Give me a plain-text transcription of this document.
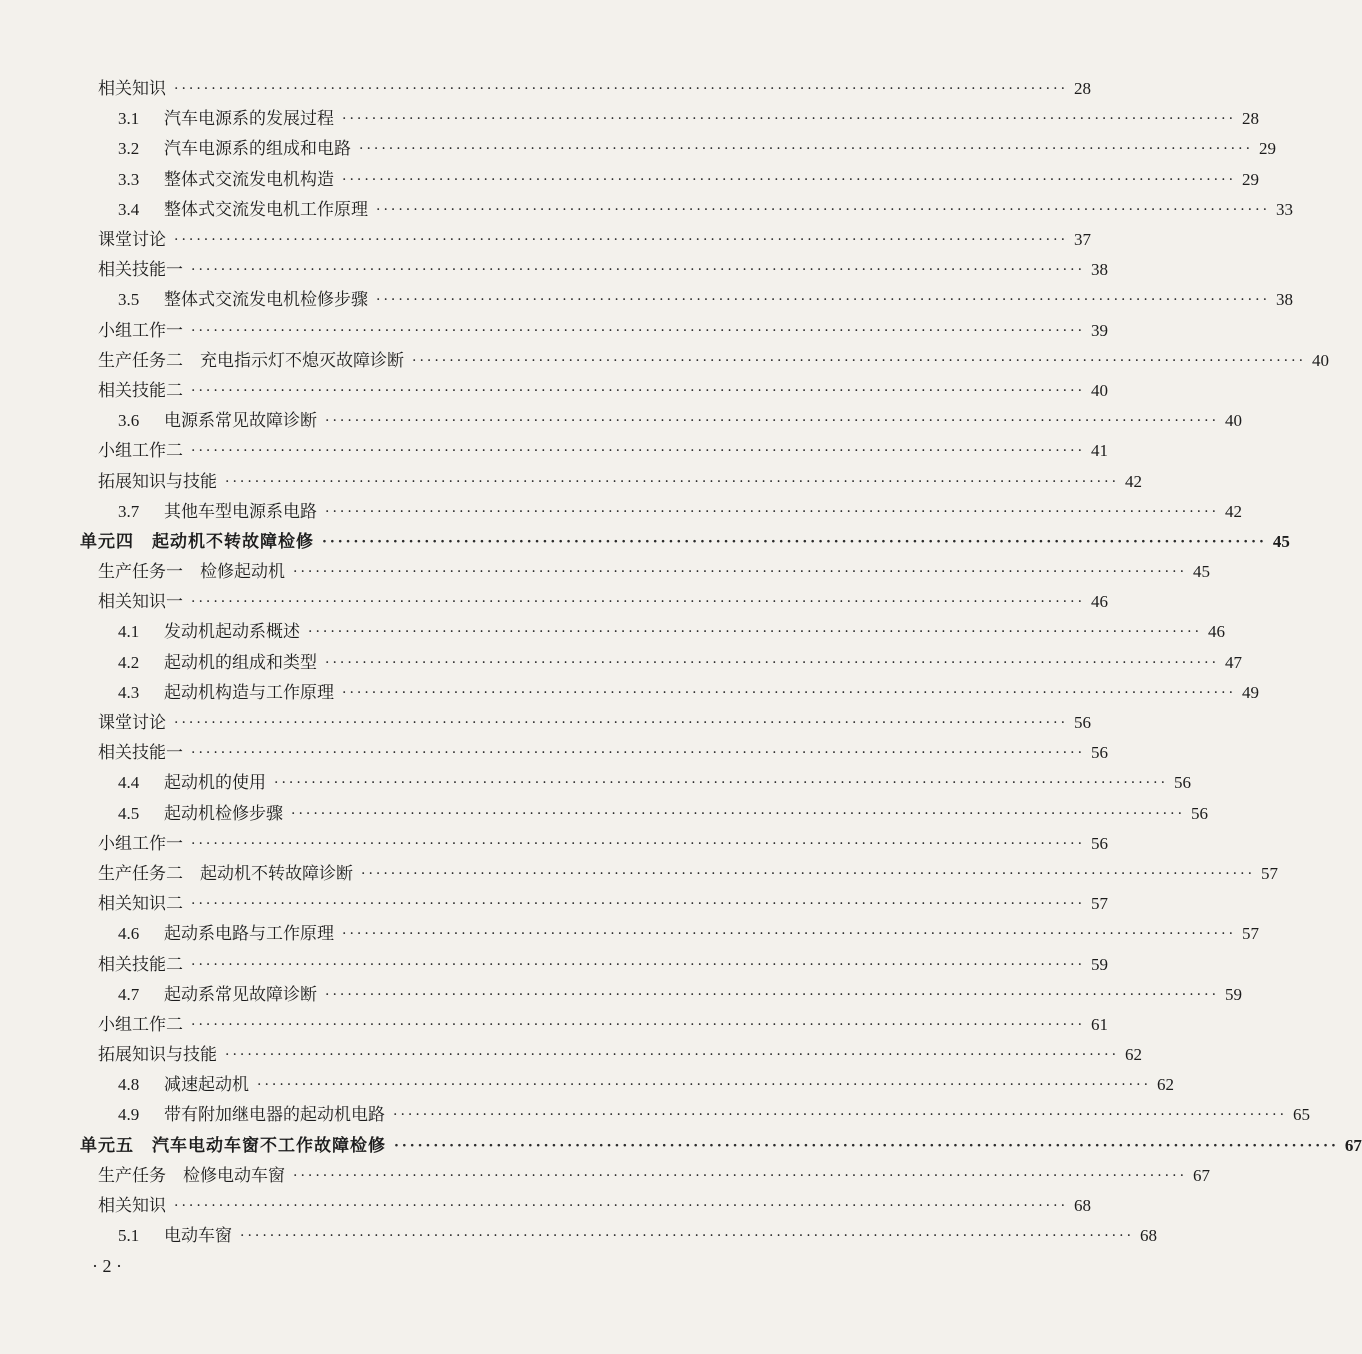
相关知识 ························································································································ 28
3.1	汽车电源系的发展过程 ························································································································ 28
3.2	汽车电源系的组成和电路 ························································································································ 29
3.3	整体式交流发电机构造 ························································································································ 29
3.4	整体式交流发电机工作原理 ························································································································ 33
课堂讨论 ························································································································ 37
相关技能一 ························································································································ 38
3.5	整体式交流发电机检修步骤 ························································································································ 38
小组工作一 ························································································································ 39
生产任务二　充电指示灯不熄灭故障诊断 ························································································································ 40
相关技能二 ························································································································ 40
3.6	电源系常见故障诊断 ························································································································ 40
小组工作二 ························································································································ 41
拓展知识与技能 ························································································································ 42
3.7	其他车型电源系电路 ························································································································ 42
单元四　起动机不转故障检修 ························································································································ 45
生产任务一　检修起动机 ························································································································ 45
相关知识一 ························································································································ 46
4.1	发动机起动系概述 ························································································································ 46
4.2	起动机的组成和类型 ························································································································ 47
4.3	起动机构造与工作原理 ························································································································ 49
课堂讨论 ························································································································ 56
相关技能一 ························································································································ 56
4.4	起动机的使用 ························································································································ 56
4.5	起动机检修步骤 ························································································································ 56
小组工作一 ························································································································ 56
生产任务二　起动机不转故障诊断 ························································································································ 57
相关知识二 ························································································································ 57
4.6	起动系电路与工作原理 ························································································································ 57
相关技能二 ························································································································ 59
4.7	起动系常见故障诊断 ························································································································ 59
小组工作二 ························································································································ 61
拓展知识与技能 ························································································································ 62
4.8	减速起动机 ························································································································ 62
4.9	带有附加继电器的起动机电路 ························································································································ 65
单元五　汽车电动车窗不工作故障检修 ························································································································ 67
生产任务　检修电动车窗 ························································································································ 67
相关知识 ························································································································ 68
5.1	电动车窗 ························································································································ 68
· 2 ·
